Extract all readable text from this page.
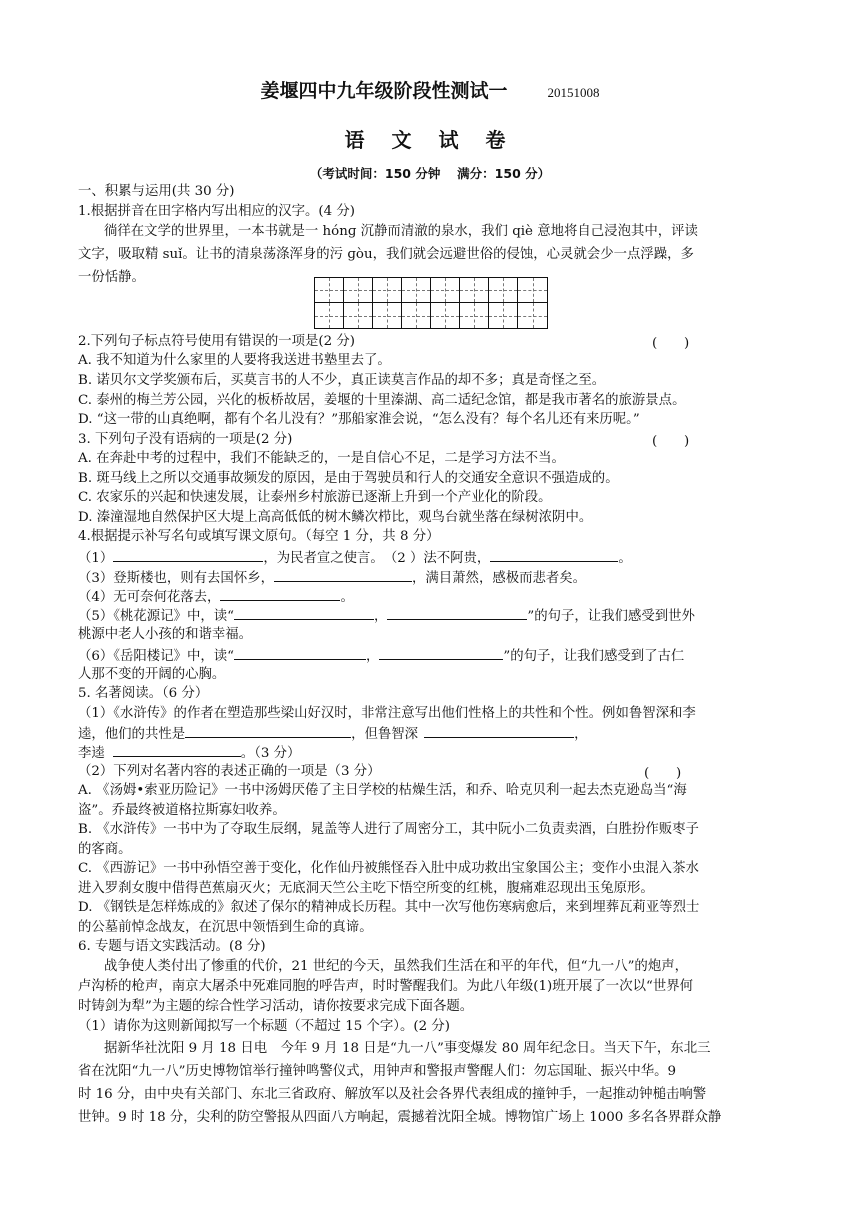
姜堰四中九年级阶段性测试一	20151008
语 文 试 卷
（考试时间：150 分钟　 满分：150 分）
一、积累与运用(共 30 分)
1.根据拼音在田字格内写出相应的汉字。(4 分)
徜徉在文学的世界里，一本书就是一 hónɡ 沉静而清澈的泉水，我们 qiè 意地将自己浸泡其中，评读
文字，吸取精 suǐ。让书的清泉荡涤浑身的污 ɡòu，我们就会远避世俗的侵蚀，心灵就会少一点浮躁，多
一份恬静。
2.下列句子标点符号使用有错误的一项是(2 分)	(　　)
A. 我不知道为什么家里的人要将我送进书塾里去了。
B. 诺贝尔文学奖颁布后，买莫言书的人不少，真正读莫言作品的却不多；真是奇怪之至。
C. 泰州的梅兰芳公园，兴化的板桥故居，姜堰的十里溱湖、高二适纪念馆，都是我市著名的旅游景点。
D. “这一带的山真绝啊，都有个名儿没有？”那船家淮会说，“怎么没有？每个名儿还有来历呢。”
3. 下列句子没有语病的一项是(2 分)	(　　)
A. 在奔赴中考的过程中，我们不能缺乏的，一是自信心不足，二是学习方法不当。
B. 斑马线上之所以交通事故频发的原因，是由于驾驶员和行人的交通安全意识不强造成的。
C. 农家乐的兴起和快速发展，让泰州乡村旅游已逐渐上升到一个产业化的阶段。
D. 溱潼湿地自然保护区大堤上高高低低的树木鳞次栉比，观鸟台就坐落在绿树浓阴中。
4.根据提示补写名句或填写课文原句。（每空 1 分，共 8 分）
（1）	，为民者宣之使言。　（2 ）法不阿贵，	。
（3）登斯楼也，则有去国怀乡，	，满目萧然，感极而悲者矣。
（4）无可奈何花落去，	。
（5）《桃花源记》中，读“	，	”的句子，让我们感受到世外
桃源中老人小孩的和谐幸福。
（6）《岳阳楼记》中，读“	，	”的句子，让我们感受到了古仁
人那不变的开阔的心胸。
5. 名著阅读。（6 分）
（1）《水浒传》的作者在塑造那些梁山好汉时，非常注意写出他们性格上的共性和个性。例如鲁智深和李
逵，他们的共性是	，但鲁智深	，
李逵	。（3 分）
（2）下列对名著内容的表述正确的一项是（3 分）	(　　)
A. 《汤姆•索亚历险记》一书中汤姆厌倦了主日学校的枯燥生活，和乔、哈克贝利一起去杰克逊岛当“海
盗”。乔最终被道格拉斯寡妇收养。
B. 《水浒传》一书中为了夺取生辰纲，晁盖等人进行了周密分工，其中阮小二负责卖酒，白胜扮作贩枣子
的客商。
C. 《西游记》一书中孙悟空善于变化，化作仙丹被熊怪吞入肚中成功救出宝象国公主；变作小虫混入茶水
进入罗刹女腹中借得芭蕉扇灭火；无底洞天竺公主吃下悟空所变的红桃，腹痛难忍现出玉兔原形。
D. 《钢铁是怎样炼成的》叙述了保尔的精神成长历程。其中一次写他伤寒病愈后，来到埋葬瓦莉亚等烈士
的公墓前悼念战友，在沉思中领悟到生命的真谛。
6. 专题与语文实践活动。(8 分)
战争使人类付出了惨重的代价，21 世纪的今天，虽然我们生活在和平的年代，但“九一八”的炮声，
卢沟桥的枪声，南京大屠杀中死难同胞的呼告声，时时警醒我们。为此八年级(1)班开展了一次以“世界何
时铸剑为犁”为主题的综合性学习活动，请你按要求完成下面各题。
（1）请你为这则新闻拟写一个标题（不超过 15 个字）。(2 分)
据新华社沈阳 9 月 18 日电　今年 9 月 18 日是“九一八”事变爆发 80 周年纪念日。当天下午，东北三
省在沈阳“九一八”历史博物馆举行撞钟鸣警仪式，用钟声和警报声警醒人们：勿忘国耻、振兴中华。9
时 16 分，由中央有关部门、东北三省政府、解放军以及社会各界代表组成的撞钟手，一起推动钟槌击响警
世钟。9 时 18 分，尖利的防空警报从四面八方响起，震撼着沈阳全城。博物馆广场上 1000 多名各界群众静
